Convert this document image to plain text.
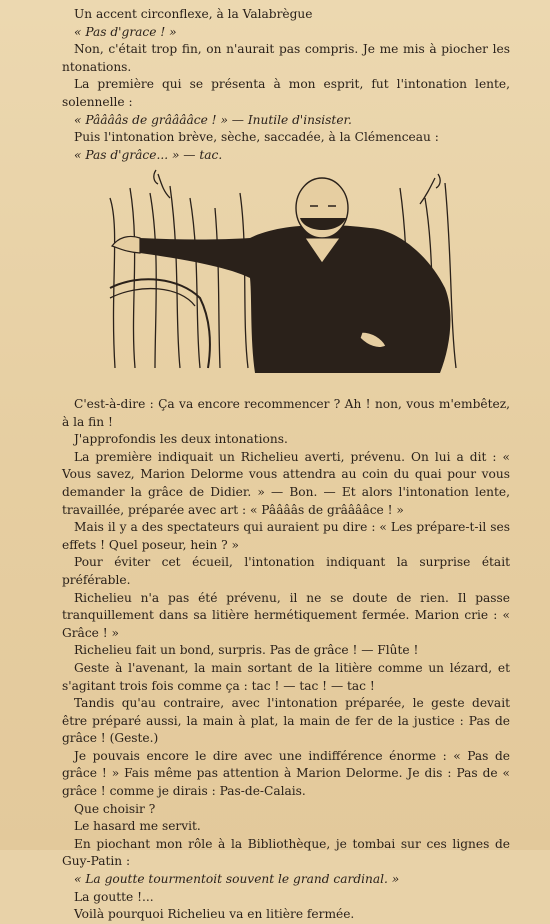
Un accent circonflexe, à la Valabrègue

« Pas d'grace ! »

Non, c'était trop fin, on n'aurait pas compris. Je me mis à piocher les ntonations.

La première qui se présenta à mon esprit, fut l'intonation lente, solennelle :

« Pââââs de grââââce ! » — Inutile d'insister.

Puis l'intonation brève, sèche, saccadée, à la Clémenceau :

« Pas d'grâce... » — tac.

C'est-à-dire : Ça va encore recommencer ? Ah ! non, vous m'embêtez, à la fin !

J'approfondis les deux intonations.

La première indiquait un Richelieu averti, prévenu. On lui a dit : « Vous savez, Marion Delorme vous attendra au coin du quai pour vous demander la grâce de Didier. » — Bon. — Et alors l'intonation lente, travaillée, préparée avec art : « Pââââs de grââââce ! »

Mais il y a des spectateurs qui auraient pu dire : « Les prépare-t-il ses effets ! Quel poseur, hein ? »

Pour éviter cet écueil, l'intonation indiquant la surprise était préférable.

Richelieu n'a pas été prévenu, il ne se doute de rien. Il passe tranquillement dans sa litière hermétiquement fermée. Marion crie : « Grâce ! »

Richelieu fait un bond, surpris. Pas de grâce ! — Flûte !

Geste à l'avenant, la main sortant de la litière comme un lézard, et s'agitant trois fois comme ça : tac ! — tac ! — tac !

Tandis qu'au contraire, avec l'intonation préparée, le geste devait être préparé aussi, la main à plat, la main de fer de la justice : Pas de grâce ! (Geste.)

Je pouvais encore le dire avec une indifférence énorme : « Pas de grâce ! » Fais même pas attention à Marion Delorme. Je dis : Pas de « grâce ! comme je dirais : Pas-de-Calais.

Que choisir ?

Le hasard me servit.

En piochant mon rôle à la Bibliothèque, je tombai sur ces lignes de Guy-Patin :

« La goutte tourmentoit souvent le grand cardinal. »

La goutte !...

Voilà pourquoi Richelieu va en litière fermée.
